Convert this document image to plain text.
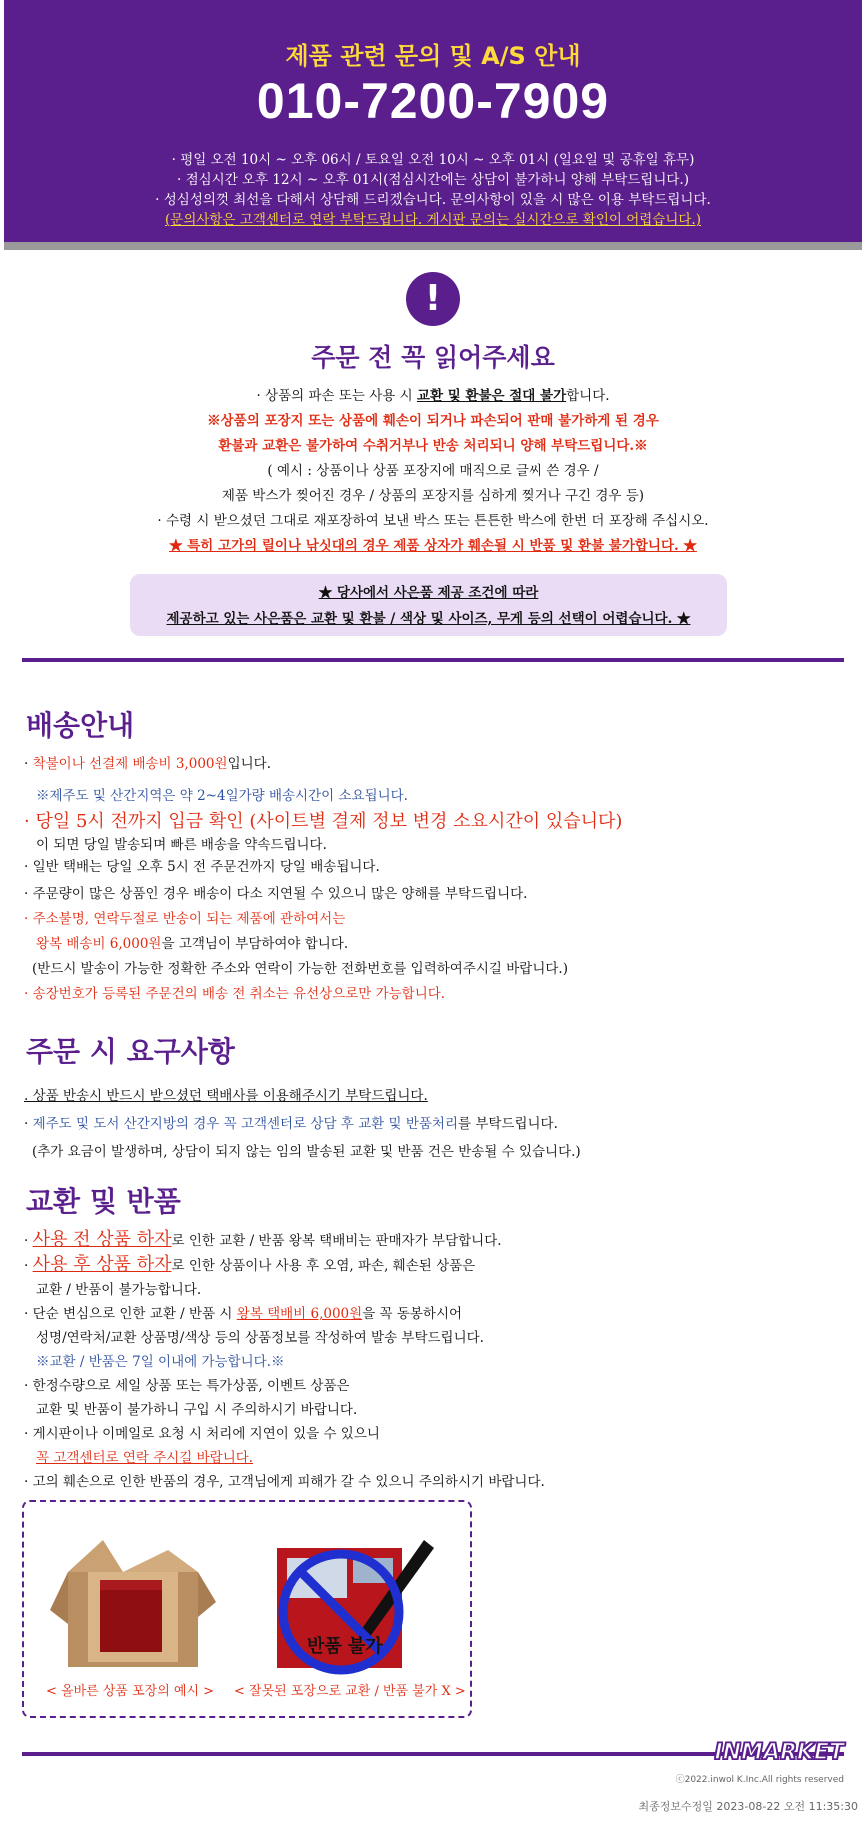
제품 관련 문의 및 A/S 안내
010-7200-7909
· 평일 오전 10시 ~ 오후 06시 / 토요일 오전 10시 ~ 오후 01시 (일요일 및 공휴일 휴무)
· 점심시간 오후 12시 ~ 오후 01시(점심시간에는 상담이 불가하니 양해 부탁드립니다.)
· 성심성의껏 최선을 다해서 상담해 드리겠습니다. 문의사항이 있을 시 많은 이용 부탁드립니다.
(문의사항은 고객센터로 연락 부탁드립니다. 게시판 문의는 실시간으로 확인이 어렵습니다.)
!
주문 전 꼭 읽어주세요
· 상품의 파손 또는 사용 시 교환 및 환불은 절대 불가합니다.
※상품의 포장지 또는 상품에 훼손이 되거나 파손되어 판매 불가하게 된 경우
환불과 교환은 불가하여 수취거부나 반송 처리되니 양해 부탁드립니다.※
( 예시 : 상품이나 상품 포장지에 매직으로 글씨 쓴 경우 /
제품 박스가 찢어진 경우 / 상품의 포장지를 심하게 찢거나 구긴 경우 등)
· 수령 시 받으셨던 그대로 재포장하여 보낸 박스 또는 튼튼한 박스에 한번 더 포장해 주십시오.
★ 특히 고가의 릴이나 낚싯대의 경우 제품 상자가 훼손될 시 반품 및 환불 불가합니다. ★
★ 당사에서 사은품 제공 조건에 따라
제공하고 있는 사은품은 교환 및 환불 / 색상 및 사이즈, 무게 등의 선택이 어렵습니다. ★
배송안내
· 착불이나 선결제 배송비 3,000원입니다.
※제주도 및 산간지역은 약 2~4일가량 배송시간이 소요됩니다.
· 당일 5시 전까지 입금 확인 (사이트별 결제 정보 변경 소요시간이 있습니다)
이 되면 당일 발송되며 빠른 배송을 약속드립니다.
· 일반 택배는 당일 오후 5시 전 주문건까지 당일 배송됩니다.
· 주문량이 많은 상품인 경우 배송이 다소 지연될 수 있으니 많은 양해를 부탁드립니다.
· 주소불명, 연락두절로 반송이 되는 제품에 관하여서는
왕복 배송비 6,000원을 고객님이 부담하여야 합니다.
(반드시 발송이 가능한 정확한 주소와 연락이 가능한 전화번호를 입력하여주시길 바랍니다.)
· 송장번호가 등록된 주문건의 배송 전 취소는 유선상으로만 가능합니다.
주문 시 요구사항
. 상품 반송시 반드시 받으셨던 택배사를 이용해주시기 부탁드립니다.
· 제주도 및 도서 산간지방의 경우 꼭 고객센터로 상담 후 교환 및 반품처리를 부탁드립니다.
(추가 요금이 발생하며, 상담이 되지 않는 임의 발송된 교환 및 반품 건은 반송될 수 있습니다.)
교환 및 반품
· 사용 전 상품 하자로 인한 교환 / 반품 왕복 택배비는 판매자가 부담합니다.
· 사용 후 상품 하자로 인한 상품이나 사용 후 오염, 파손, 훼손된 상품은
교환 / 반품이 불가능합니다.
· 단순 변심으로 인한 교환 / 반품 시 왕복 택배비 6,000원을 꼭 동봉하시어
성명/연락처/교환 상품명/색상 등의 상품정보를 작성하여 발송 부탁드립니다.
※교환 / 반품은 7일 이내에 가능합니다.※
· 한정수량으로 세일 상품 또는 특가상품, 이벤트 상품은
교환 및 반품이 불가하니 구입 시 주의하시기 바랍니다.
· 게시판이나 이메일로 요청 시 처리에 지연이 있을 수 있으니
꼭 고객센터로 연락 주시길 바랍니다.
· 고의 훼손으로 인한 반품의 경우, 고객님에게 피해가 갈 수 있으니 주의하시기 바랍니다.
< 올바른 상품 포장의 예시 >
반품 불가
< 잘못된 포장으로 교환 / 반품 불가 X >
INMARKET
ⓒ2022.inwol K.Inc.All rights reserved
최종정보수정일 2023-08-22 오전 11:35:30
